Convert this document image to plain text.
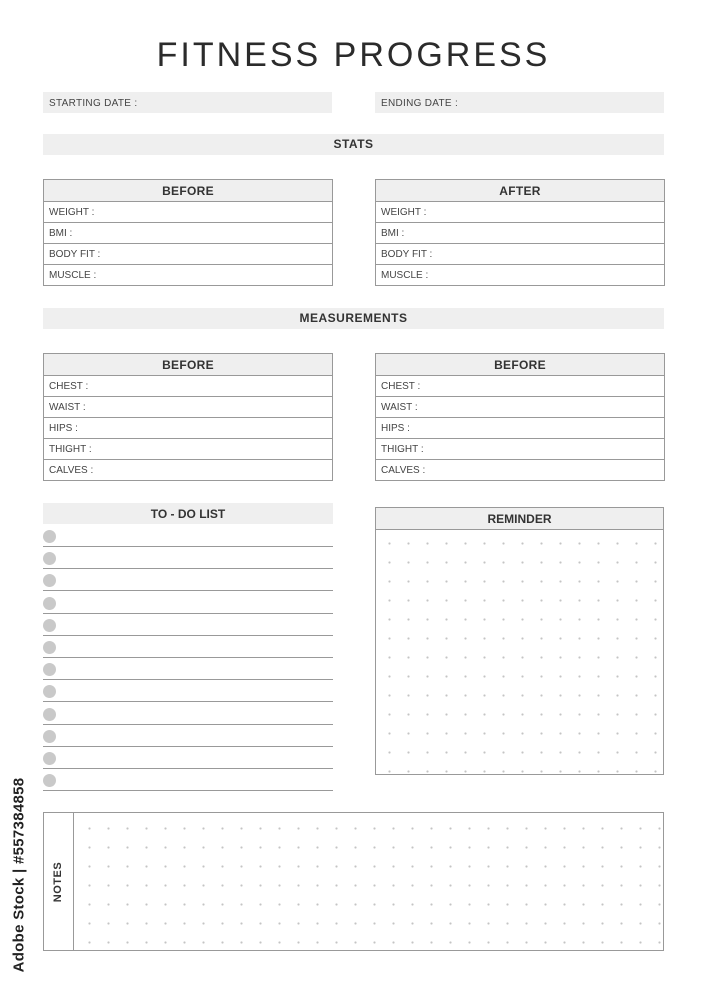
FITNESS PROGRESS
STARTING DATE :	ENDING DATE :
STATS
BEFORE
WEIGHT :
BMI :
BODY FIT :
MUSCLE :
AFTER
WEIGHT :
BMI :
BODY FIT :
MUSCLE :
MEASUREMENTS
BEFORE
CHEST :
WAIST :
HIPS :
THIGHT :
CALVES :
BEFORE
CHEST :
WAIST :
HIPS :
THIGHT :
CALVES :
TO - DO LIST	REMINDER
NOTES
Adobe Stock | #557384858
